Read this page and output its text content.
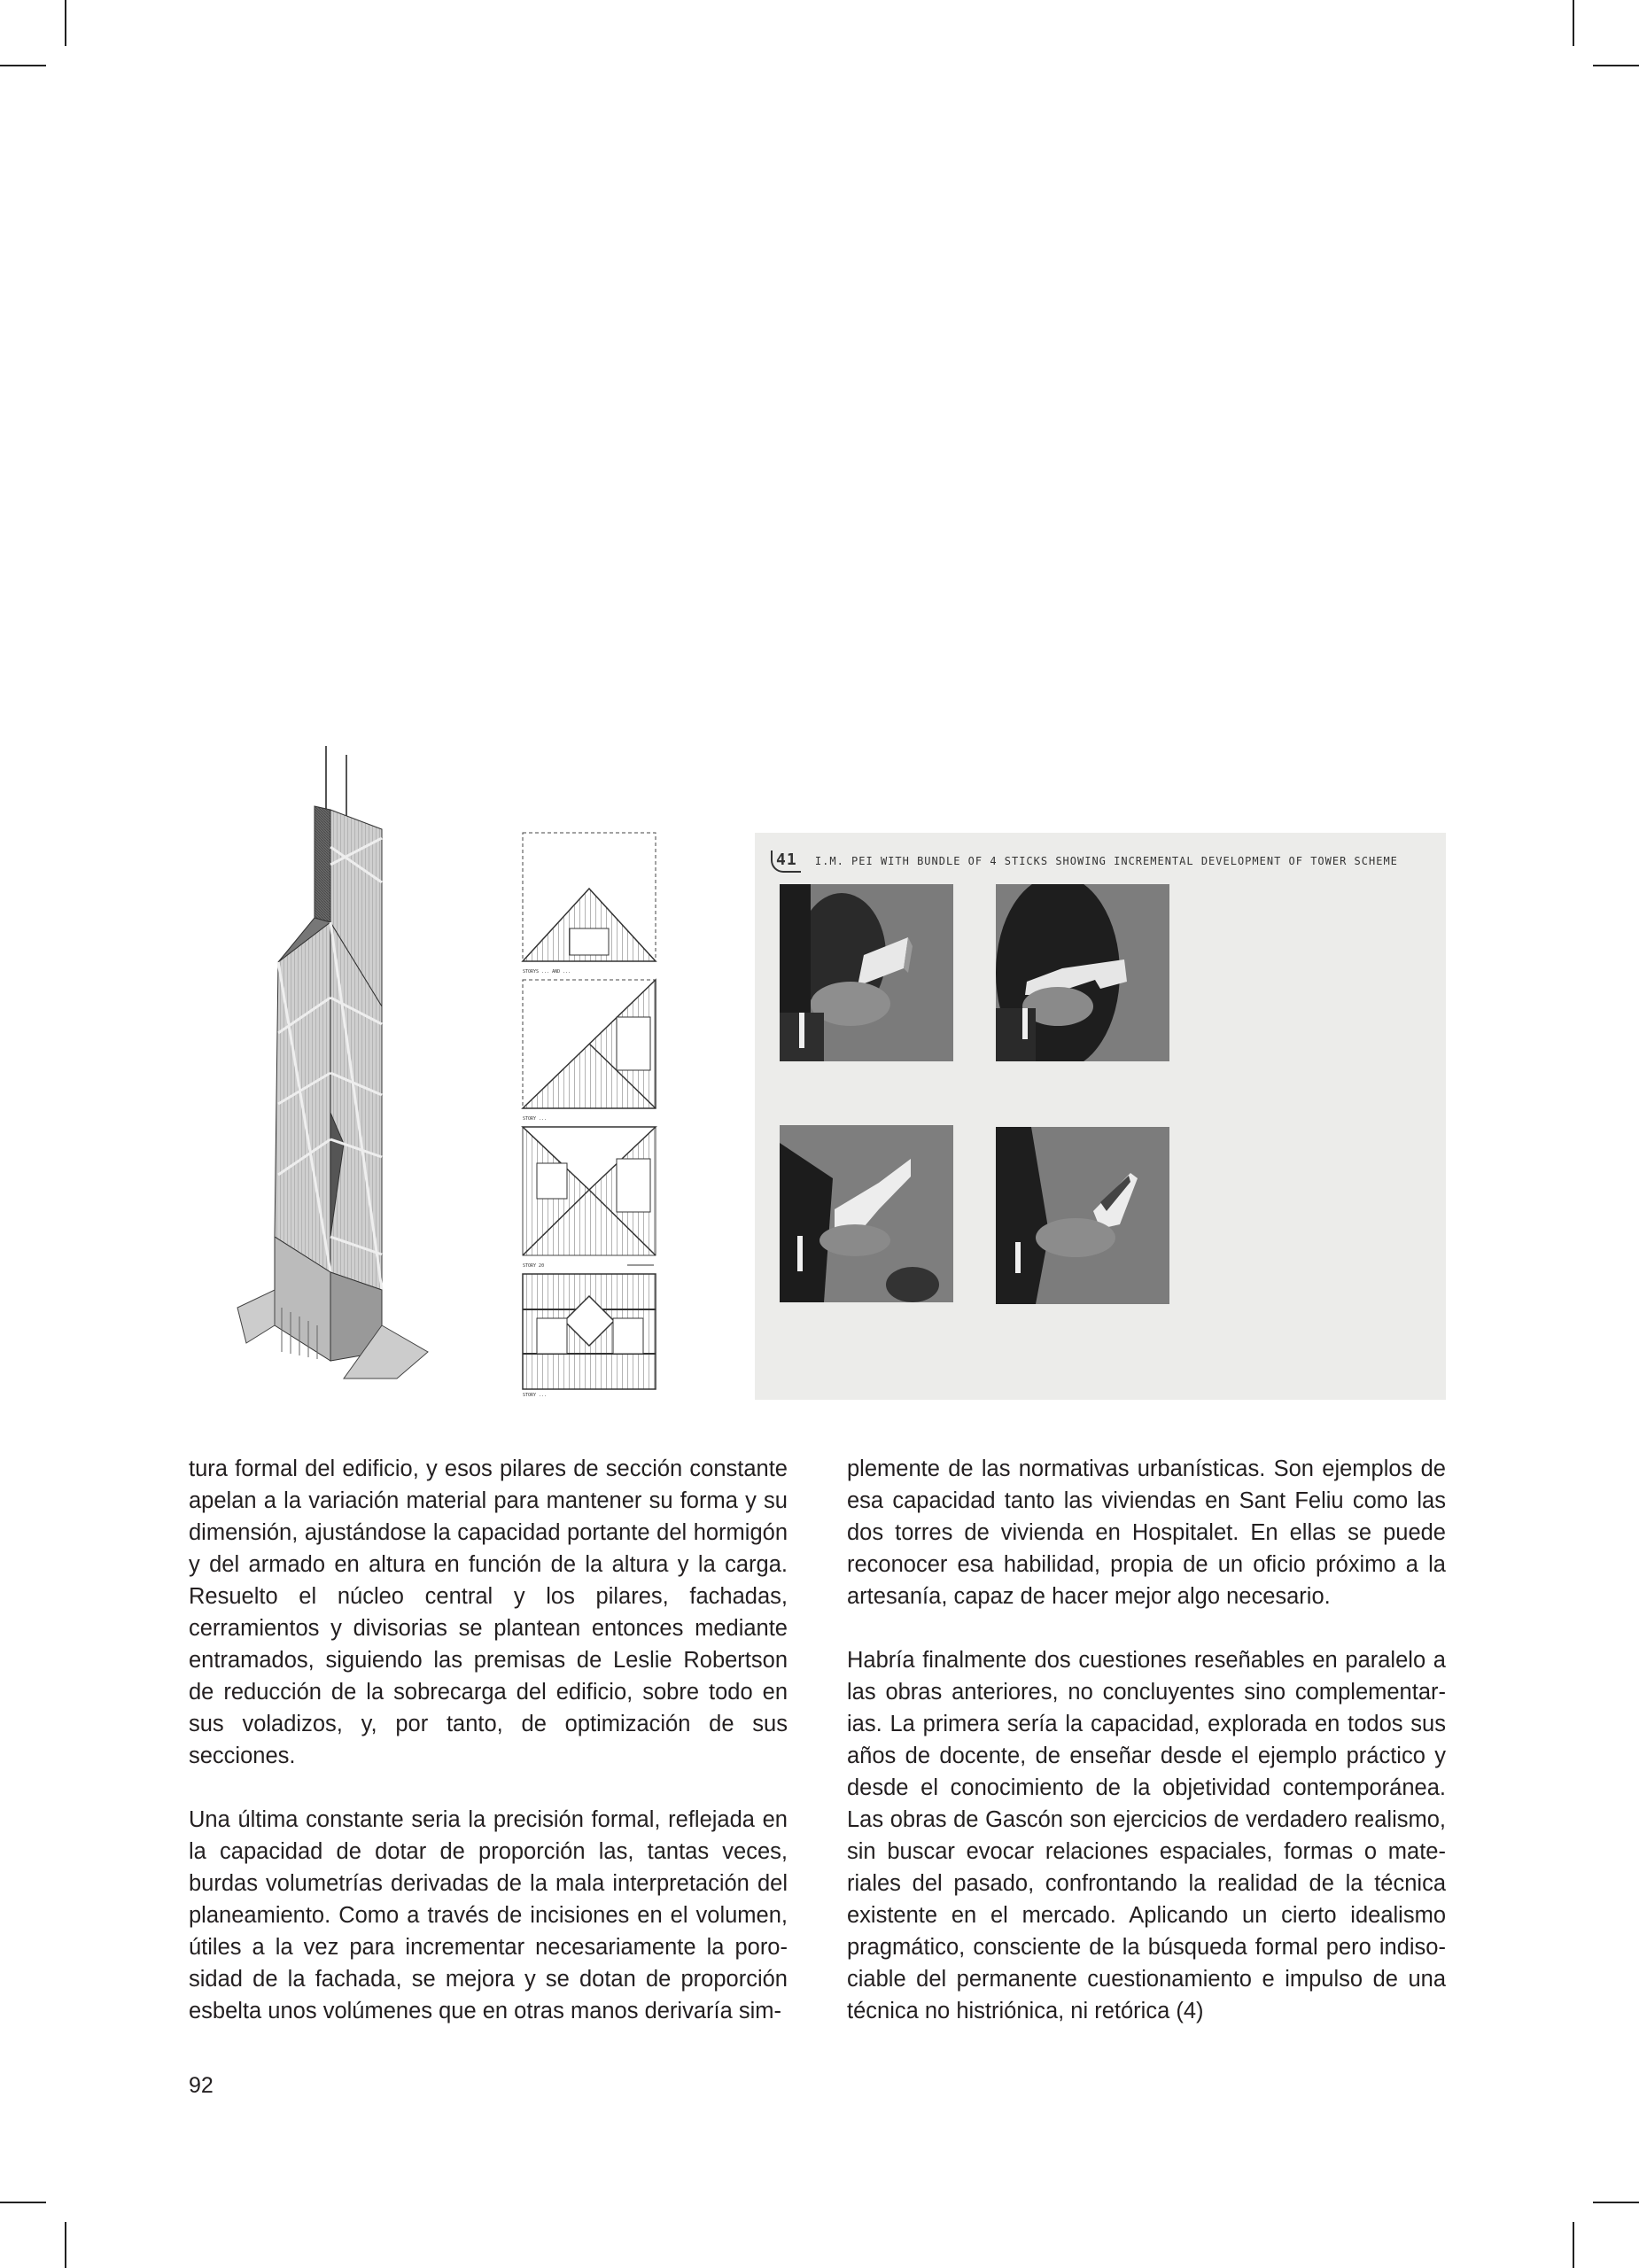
STORYS ... AND ...
STORY ...
STORY 20
STORY ...
41 I.M. PEI WITH BUNDLE OF 4 STICKS SHOWING INCREMENTAL DEVELOPMENT OF TOWER SCHEME

tura formal del edificio, y esos pilares de sección constante apelan a la variación material para mantener su forma y su dimensión, ajustándose la capacidad portante del hormigón y del armado en altura en función de la altura y la carga. Resuelto el núcleo central y los pilares, fachadas, cerramientos y divisorias se plantean entonces mediante entramados, siguiendo las premisas de Leslie Robertson de reducción de la sobrecarga del edificio, sobre todo en sus voladizos, y, por tanto, de optimización de sus secciones.

Una última constante seria la precisión formal, reflejada en la capacidad de dotar de proporción las, tantas veces, burdas volumetrías derivadas de la mala interpretación del planeamiento. Como a través de incisiones en el volumen, útiles a la vez para incrementar necesariamente la porosidad de la fachada, se mejora y se dotan de proporción esbelta unos volúmenes que en otras manos derivaría sim-

plemente de las normativas urbanísticas. Son ejemplos de esa capacidad tanto las viviendas en Sant Feliu como las dos torres de vivienda en Hospitalet. En ellas se puede reconocer esa habilidad, propia de un oficio próximo a la artesanía, capaz de hacer mejor algo necesario.

Habría finalmente dos cuestiones reseñables en paralelo a las obras anteriores, no concluyentes sino complementarias. La primera sería la capacidad, explorada en todos sus años de docente, de enseñar desde el ejemplo práctico y desde el conocimiento de la objetividad contemporánea. Las obras de Gascón son ejercicios de verdadero realismo, sin buscar evocar relaciones espaciales, formas o materiales del pasado, confrontando la realidad de la técnica existente en el mercado. Aplicando un cierto idealismo pragmático, consciente de la búsqueda formal pero indisociable del permanente cuestionamiento e impulso de una técnica no histriónica, ni retórica (4)

92
